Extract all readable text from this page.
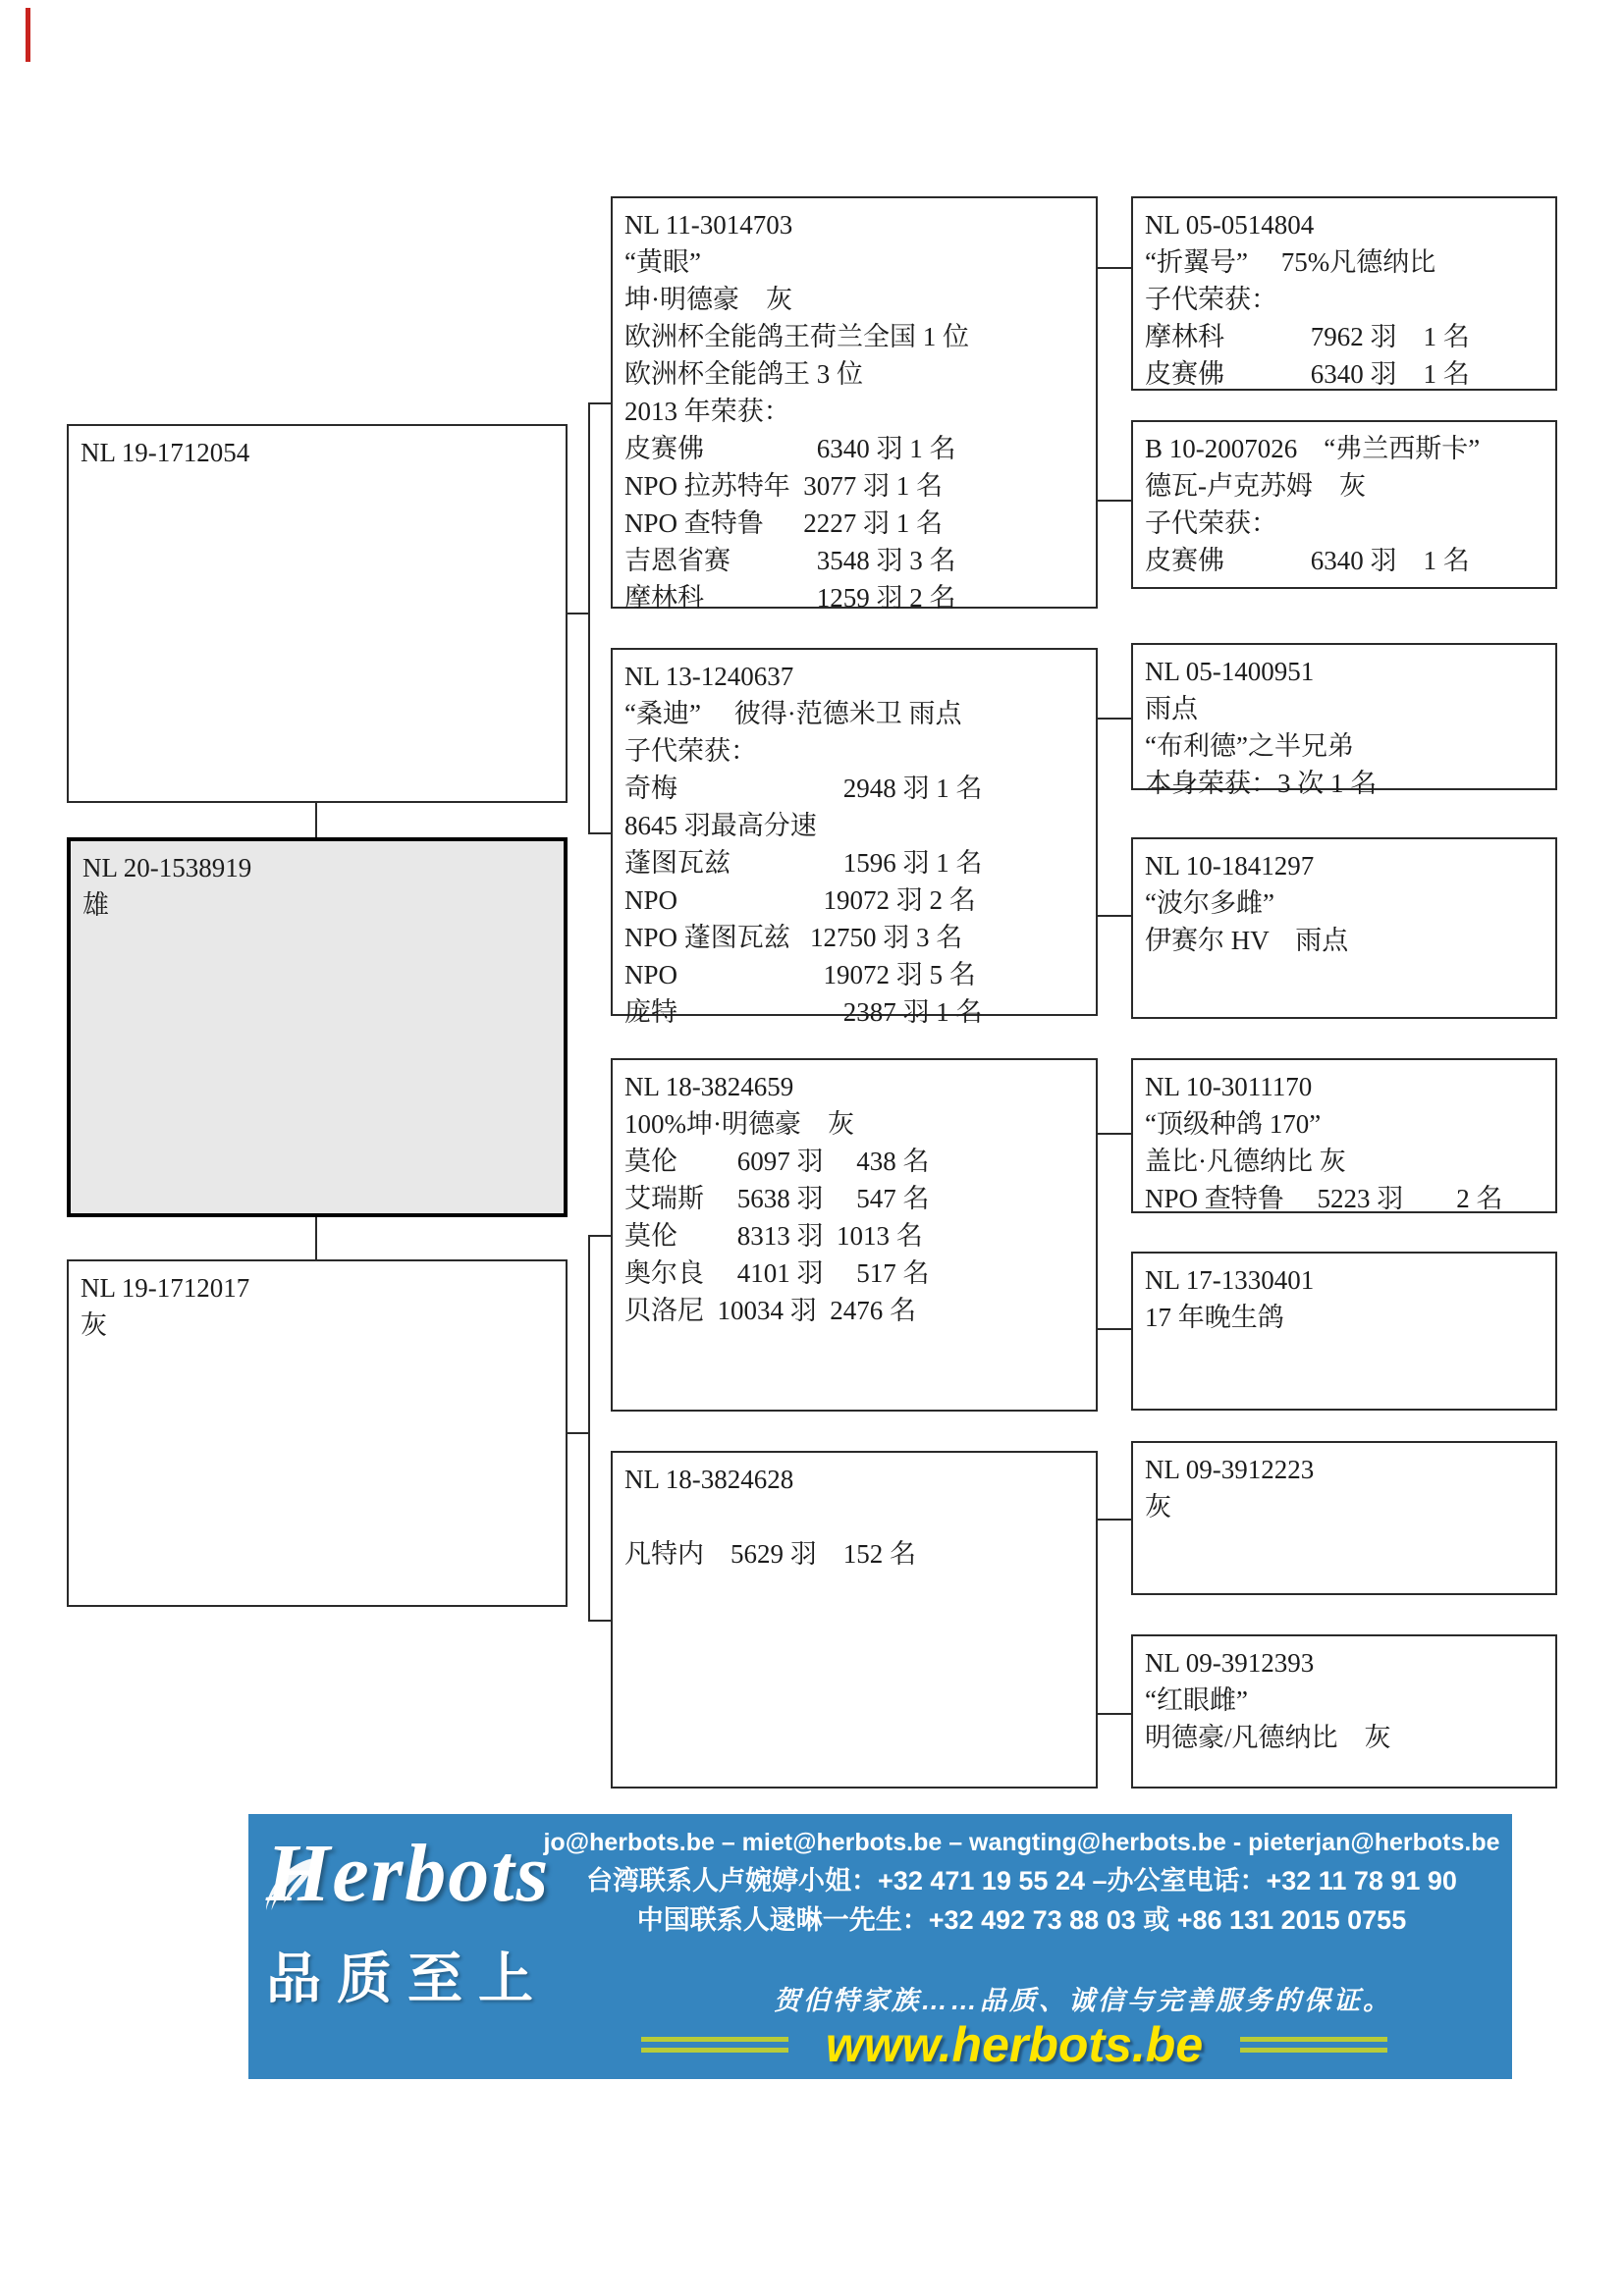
NL 19-1712054
NL 20-1538919
雄
NL 19-1712017
灰
NL 11-3014703
“黄眼”
坤·明德豪　灰
欧洲杯全能鸽王荷兰全国 1 位
欧洲杯全能鸽王 3 位
2013 年荣获：
皮赛佛　　　　 6340 羽 1 名
NPO 拉苏特年  3077 羽 1 名
NPO 查特鲁　  2227 羽 1 名
吉恩省赛　　　 3548 羽 3 名
摩林科　　　　 1259 羽 2 名
NL 13-1240637
“桑迪”　 彼得·范德米卫 雨点
子代荣获：
奇梅　　　　　　 2948 羽 1 名
8645 羽最高分速
蓬图瓦兹　　　　 1596 羽 1 名
NPO　　　　　  19072 羽 2 名
NPO 蓬图瓦兹   12750 羽 3 名
NPO　　　　　  19072 羽 5 名
庞特　　　　　　 2387 羽 1 名
NL 18-3824659
100%坤·明德豪　灰
莫伦　　 6097 羽　 438 名
艾瑞斯　 5638 羽　 547 名
莫伦　　 8313 羽  1013 名
奥尔良　 4101 羽　 517 名
贝洛尼  10034 羽  2476 名
NL 18-3824628
凡特内　5629 羽　152 名
NL 05-0514804
“折翼号”　 75%凡德纳比
子代荣获：
摩林科　　　 7962 羽　1 名
皮赛佛　　　 6340 羽　1 名
B 10-2007026　“弗兰西斯卡”
德瓦-卢克苏姆　灰
子代荣获：
皮赛佛　　　 6340 羽　1 名
NL 05-1400951
雨点
“布利德”之半兄弟
本身荣获：3 次 1 名
NL 10-1841297
“波尔多雌”
伊赛尔 HV　雨点
NL 10-3011170
“顶级种鸽 170”
盖比·凡德纳比 灰
NPO 查特鲁　 5223 羽　　2 名
NL 17-1330401
17 年晚生鸽
NL 09-3912223
灰
NL 09-3912393
“红眼雌”
明德豪/凡德纳比　灰
Herbots
品质至上
jo@herbots.be – miet@herbots.be – wangting@herbots.be - pieterjan@herbots.be
台湾联系人卢婉婷小姐：+32 471 19 55 24 –办公室电话：+32 11 78 91 90
中国联系人逯晽一先生：+32 492 73 88 03 或 +86 131 2015 0755
贺伯特家族……品质、诚信与完善服务的保证。
www.herbots.be
